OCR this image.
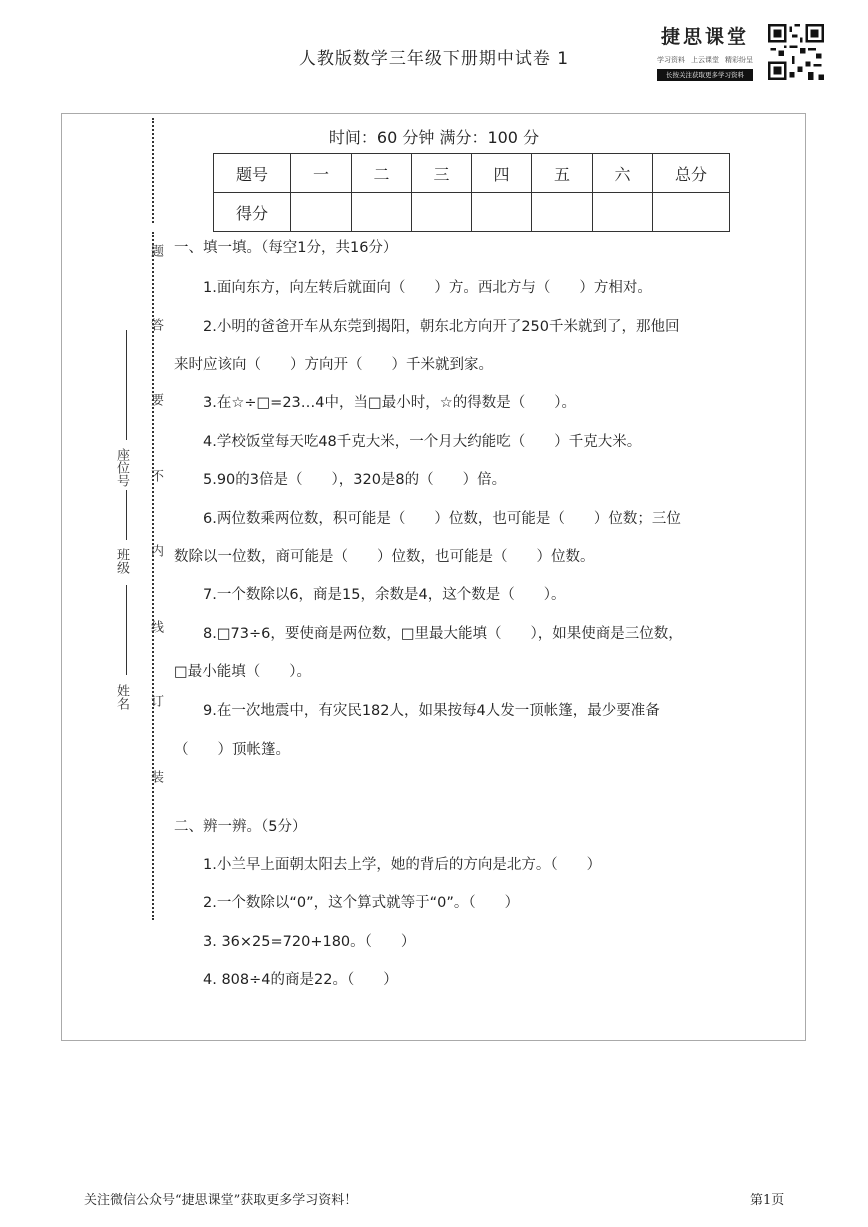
人教版数学三年级下册期中试卷 1
捷思课堂
学习资料 上云课堂 精彩纷呈
长按关注获取更多学习资料
题
答
要
不
内
线
订
装
座位号
班级
姓名
时间：60 分钟 满分：100 分
题号	一	二	三	四	五	六	总分
得分							
一、填一填。（每空1分，共16分）
1.面向东方，向左转后就面向（　　）方。西北方与（　　）方相对。
2.小明的爸爸开车从东莞到揭阳，朝东北方向开了250千米就到了，那他回
来时应该向（　　）方向开（　　）千米就到家。
3.在☆÷□=23…4中，当□最小时，☆的得数是（　　）。
4.学校饭堂每天吃48千克大米，一个月大约能吃（　　）千克大米。
5.90的3倍是（　　），320是8的（　　）倍。
6.两位数乘两位数，积可能是（　　）位数，也可能是（　　）位数；三位
数除以一位数，商可能是（　　）位数，也可能是（　　）位数。
7.一个数除以6，商是15，余数是4，这个数是（　　）。
8.□73÷6，要使商是两位数，□里最大能填（　　），如果使商是三位数，
□最小能填（　　）。
9.在一次地震中，有灾民182人，如果按每4人发一顶帐篷，最少要准备
（　　）顶帐篷。
二、辨一辨。（5分）
1.小兰早上面朝太阳去上学，她的背后的方向是北方。（　　）
2.一个数除以“0”，这个算式就等于“0”。（　　）
3. 36×25=720+180。（　　）
4. 808÷4的商是22。（　　）
关注微信公众号“捷思课堂”获取更多学习资料！	第1页
